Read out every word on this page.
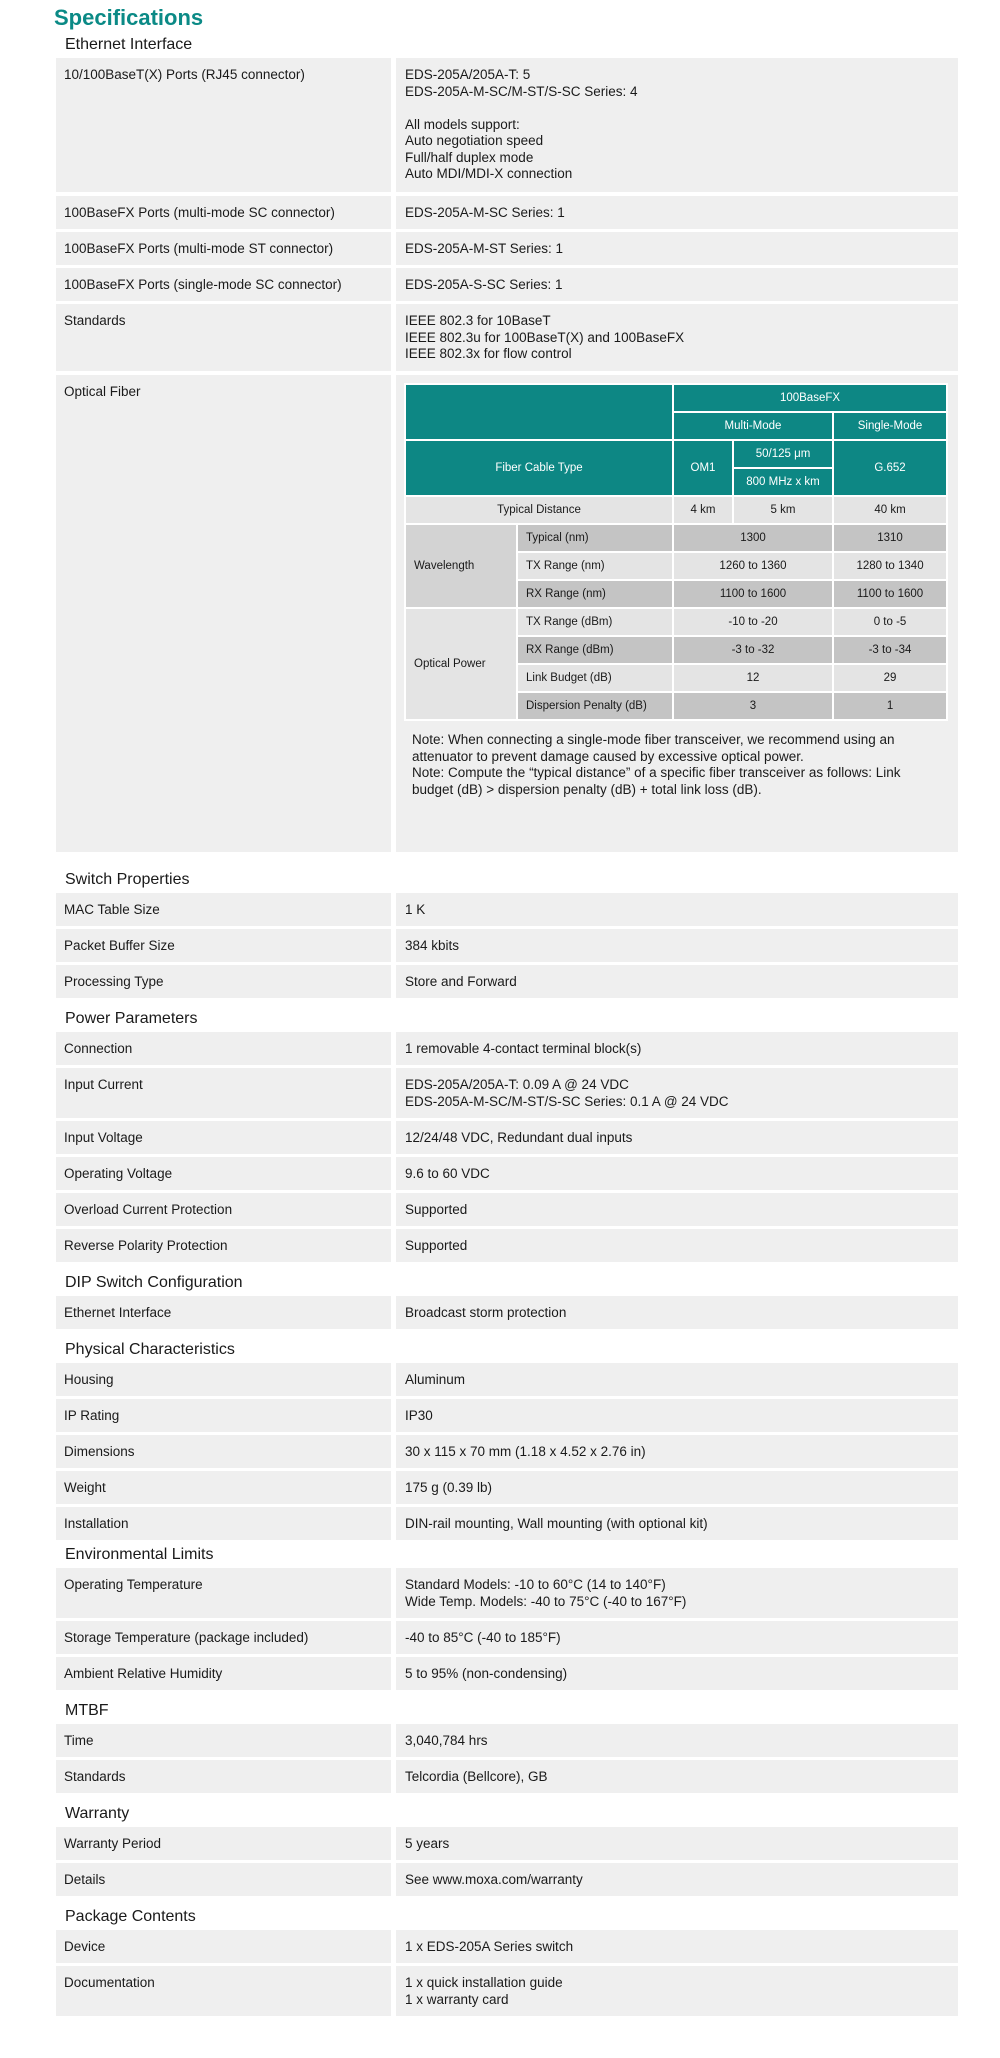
Specifications
Ethernet Interface
10/100BaseT(X) Ports (RJ45 connector)	EDS-205A/205A-T: 5
EDS-205A-M-SC/M-ST/S-SC Series: 4

All models support:
Auto negotiation speed
Full/half duplex mode
Auto MDI/MDI-X connection
100BaseFX Ports (multi-mode SC connector)	EDS-205A-M-SC Series: 1
100BaseFX Ports (multi-mode ST connector)	EDS-205A-M-ST Series: 1
100BaseFX Ports (single-mode SC connector)	EDS-205A-S-SC Series: 1
Standards	IEEE 802.3 for 10BaseT
IEEE 802.3u for 100BaseT(X) and 100BaseFX
IEEE 802.3x for flow control
Optical Fiber
		100BaseFX		
		Multi-Mode		Single-Mode
Fiber Cable Type		OM1	50/125 μm	G.652
			800 MHz x km	
Typical Distance		4 km	5 km	40 km
Wavelength	Typical (nm)	1300		1310
	TX Range (nm)	1260 to 1360		1280 to 1340
	RX Range (nm)	1100 to 1600		1100 to 1600
Optical Power	TX Range (dBm)	-10 to -20		0 to -5
	RX Range (dBm)	-3 to -32		-3 to -34
	Link Budget (dB)	12		29
	Dispersion Penalty (dB)	3		1
Note: When connecting a single-mode fiber transceiver, we recommend using an attenuator to prevent damage caused by excessive optical power.
Note: Compute the “typical distance” of a specific fiber transceiver as follows: Link budget (dB) > dispersion penalty (dB) + total link loss (dB).
Switch Properties
MAC Table Size	1 K
Packet Buffer Size	384 kbits
Processing Type	Store and Forward
Power Parameters
Connection	1 removable 4-contact terminal block(s)
Input Current	EDS-205A/205A-T: 0.09 A @ 24 VDC
EDS-205A-M-SC/M-ST/S-SC Series: 0.1 A @ 24 VDC
Input Voltage	12/24/48 VDC, Redundant dual inputs
Operating Voltage	9.6 to 60 VDC
Overload Current Protection	Supported
Reverse Polarity Protection	Supported
DIP Switch Configuration
Ethernet Interface	Broadcast storm protection
Physical Characteristics
Housing	Aluminum
IP Rating	IP30
Dimensions	30 x 115 x 70 mm (1.18 x 4.52 x 2.76 in)
Weight	175 g (0.39 lb)
Installation	DIN-rail mounting, Wall mounting (with optional kit)
Environmental Limits
Operating Temperature	Standard Models: -10 to 60°C (14 to 140°F)
Wide Temp. Models: -40 to 75°C (-40 to 167°F)
Storage Temperature (package included)	-40 to 85°C (-40 to 185°F)
Ambient Relative Humidity	5 to 95% (non-condensing)
MTBF
Time	3,040,784 hrs
Standards	Telcordia (Bellcore), GB
Warranty
Warranty Period	5 years
Details	See www.moxa.com/warranty
Package Contents
Device	1 x EDS-205A Series switch
Documentation	1 x quick installation guide
1 x warranty card
